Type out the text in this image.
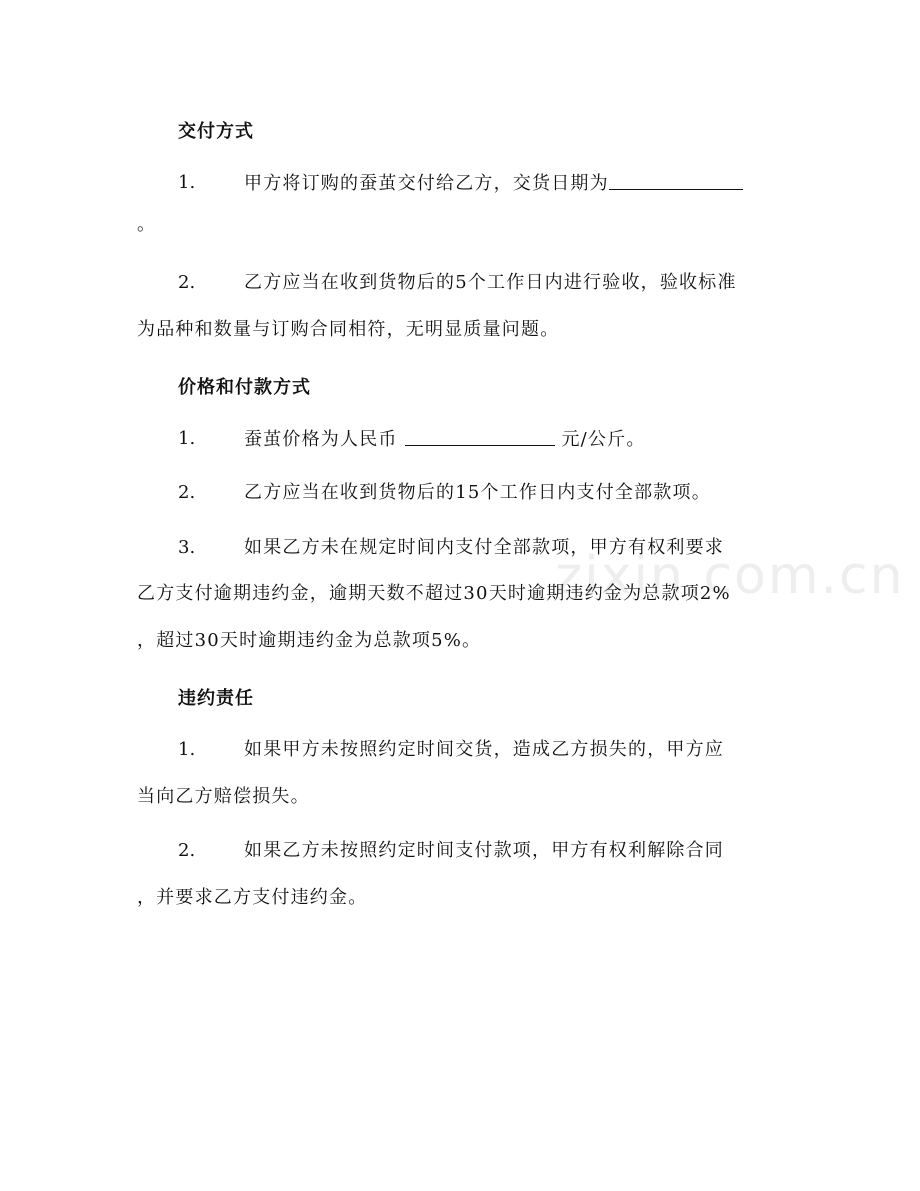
zixin.com.cn
交付方式
1.	甲方将订购的蚕茧交付给乙方，交货日期为
。
2.	乙方应当在收到货物后的5个工作日内进行验收，验收标准
为品种和数量与订购合同相符，无明显质量问题。
价格和付款方式
1.	蚕茧价格为人民币	元/公斤。
2.	乙方应当在收到货物后的15个工作日内支付全部款项。
3.	如果乙方未在规定时间内支付全部款项，甲方有权利要求
乙方支付逾期违约金，逾期天数不超过30天时逾期违约金为总款项2%
，超过30天时逾期违约金为总款项5%。
违约责任
1.	如果甲方未按照约定时间交货，造成乙方损失的，甲方应
当向乙方赔偿损失。
2.	如果乙方未按照约定时间支付款项，甲方有权利解除合同
，并要求乙方支付违约金。
